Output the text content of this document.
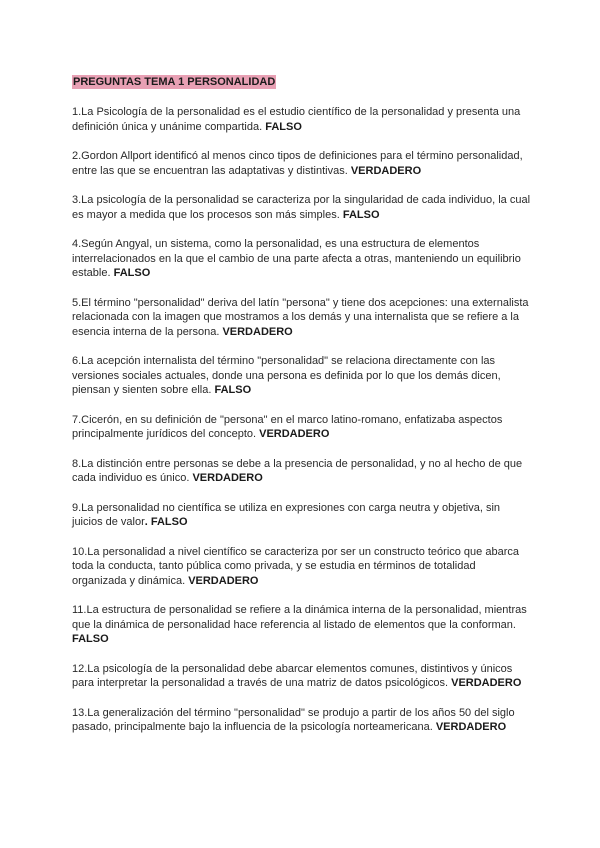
PREGUNTAS TEMA 1 PERSONALIDAD

1.La Psicología de la personalidad es el estudio científico de la personalidad y presenta una definición única y unánime compartida. FALSO

2.Gordon Allport identificó al menos cinco tipos de definiciones para el término personalidad, entre las que se encuentran las adaptativas y distintivas. VERDADERO

3.La psicología de la personalidad se caracteriza por la singularidad de cada individuo, la cual es mayor a medida que los procesos son más simples. FALSO

4.Según Angyal, un sistema, como la personalidad, es una estructura de elementos interrelacionados en la que el cambio de una parte afecta a otras, manteniendo un equilibrio estable. FALSO

5.El término "personalidad" deriva del latín "persona" y tiene dos acepciones: una externalista relacionada con la imagen que mostramos a los demás y una internalista que se refiere a la esencia interna de la persona. VERDADERO

6.La acepción internalista del término "personalidad" se relaciona directamente con las versiones sociales actuales, donde una persona es definida por lo que los demás dicen, piensan y sienten sobre ella. FALSO

7.Cicerón, en su definición de "persona" en el marco latino-romano, enfatizaba aspectos principalmente jurídicos del concepto. VERDADERO

8.La distinción entre personas se debe a la presencia de personalidad, y no al hecho de que cada individuo es único. VERDADERO

9.La personalidad no científica se utiliza en expresiones con carga neutra y objetiva, sin juicios de valor. FALSO

10.La personalidad a nivel científico se caracteriza por ser un constructo teórico que abarca toda la conducta, tanto pública como privada, y se estudia en términos de totalidad organizada y dinámica. VERDADERO

11.La estructura de personalidad se refiere a la dinámica interna de la personalidad, mientras que la dinámica de personalidad hace referencia al listado de elementos que la conforman. FALSO

12.La psicología de la personalidad debe abarcar elementos comunes, distintivos y únicos para interpretar la personalidad a través de una matriz de datos psicológicos. VERDADERO

13.La generalización del término "personalidad" se produjo a partir de los años 50 del siglo pasado, principalmente bajo la influencia de la psicología norteamericana. VERDADERO
